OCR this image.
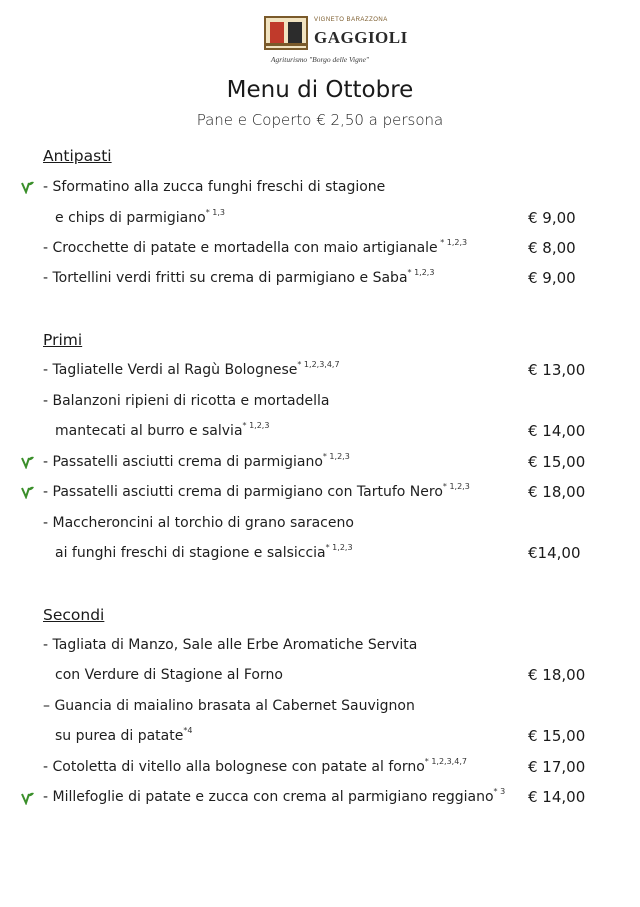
VIGNETO BARAZZONA
GAGGIOLI
Agriturismo "Borgo delle Vigne"
Menu di Ottobre
Pane e Coperto € 2,50 a persona
Antipasti
- Sformatino alla zucca funghi freschi di stagione
e chips di parmigiano$^{* 1,3}$	€ 9,00
- Crocchette di patate e mortadella con maio artigianale $^{* 1,2,3}$	€ 8,00
- Tortellini verdi fritti su crema di parmigiano e Saba$^{* 1,2,3}$	€ 9,00
Primi
- Tagliatelle Verdi al Ragù Bolognese$^{* 1,2,3,4,7}$	€ 13,00
- Balanzoni ripieni di ricotta e mortadella
mantecati al burro e salvia$^{* 1,2,3}$	€ 14,00
- Passatelli asciutti crema di parmigiano$^{* 1,2,3}$	€ 15,00
- Passatelli asciutti crema di parmigiano con Tartufo Nero$^{* 1,2,3}$	€ 18,00
- Maccheroncini al torchio di grano saraceno
ai funghi freschi di stagione e salsiccia$^{* 1,2,3}$	€14,00
Secondi
- Tagliata di Manzo, Sale alle Erbe Aromatiche Servita
con Verdure di Stagione al Forno	€ 18,00
– Guancia di maialino brasata al Cabernet Sauvignon
su purea di patate$^{*4}$	€ 15,00
- Cotoletta di vitello alla bolognese con patate al forno$^{* 1,2,3,4,7}$	€ 17,00
- Millefoglie di patate e zucca con crema al parmigiano reggiano$^{* 3}$ € 14,00
